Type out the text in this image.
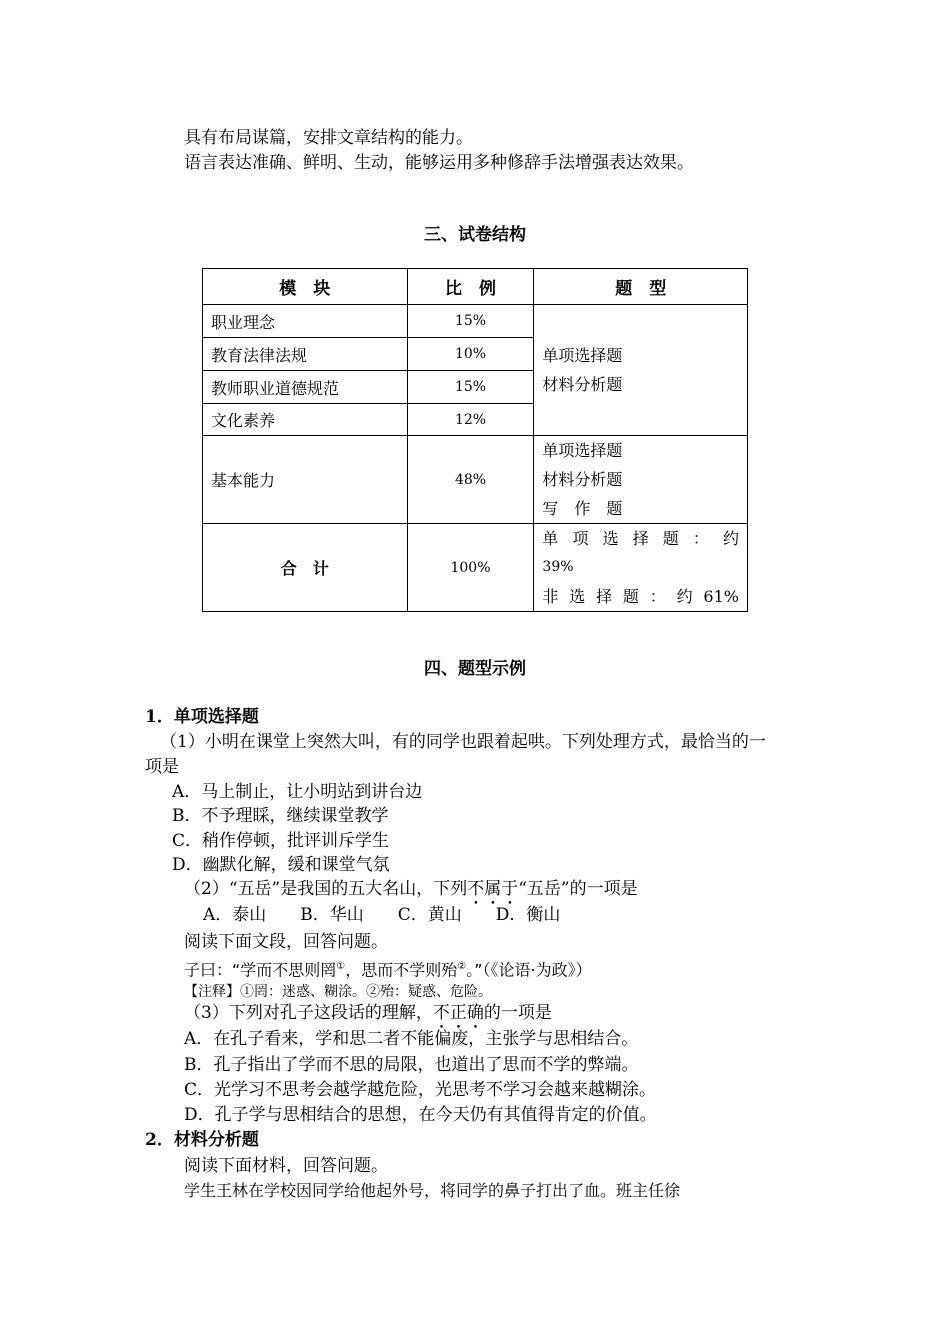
具有布局谋篇，安排文章结构的能力。
语言表达准确、鲜明、生动，能够运用多种修辞手法增强表达效果。
三、试卷结构
模　块	比　例	题　型
职业理念	15%	单项选择题
材料分析题

教育法律法规	10%	
教师职业道德规范	15%	
文化素养	12%	
基本能力	48%	单项选择题
材料分析题
写　作　题

合　计	100%	单项选择题：约
39%
非选择题：约61%
四、题型示例
1．单项选择题
（1）小明在课堂上突然大叫，有的同学也跟着起哄。下列处理方式，最恰当的一
项是
A．马上制止，让小明站到讲台边
B．不予理睬，继续课堂教学
C．稍作停顿，批评训斥学生
D．幽默化解，缓和课堂气氛
（2）“五岳”是我国的五大名山，下列不属于“五岳”的一项是
A．泰山　　B．华山　　C．黄山　　D．衡山
阅读下面文段，回答问题。
子曰：“学而不思则罔①，思而不学则殆②。”（《论语·为政》）
【注释】①罔：迷惑、糊涂。②殆：疑惑、危险。
（3）下列对孔子这段话的理解，不正确的一项是
A．在孔子看来，学和思二者不能偏废，主张学与思相结合。
B．孔子指出了学而不思的局限，也道出了思而不学的弊端。
C．光学习不思考会越学越危险，光思考不学习会越来越糊涂。
D．孔子学与思相结合的思想，在今天仍有其值得肯定的价值。
2．材料分析题
阅读下面材料，回答问题。
学生王林在学校因同学给他起外号，将同学的鼻子打出了血。班主任徐
